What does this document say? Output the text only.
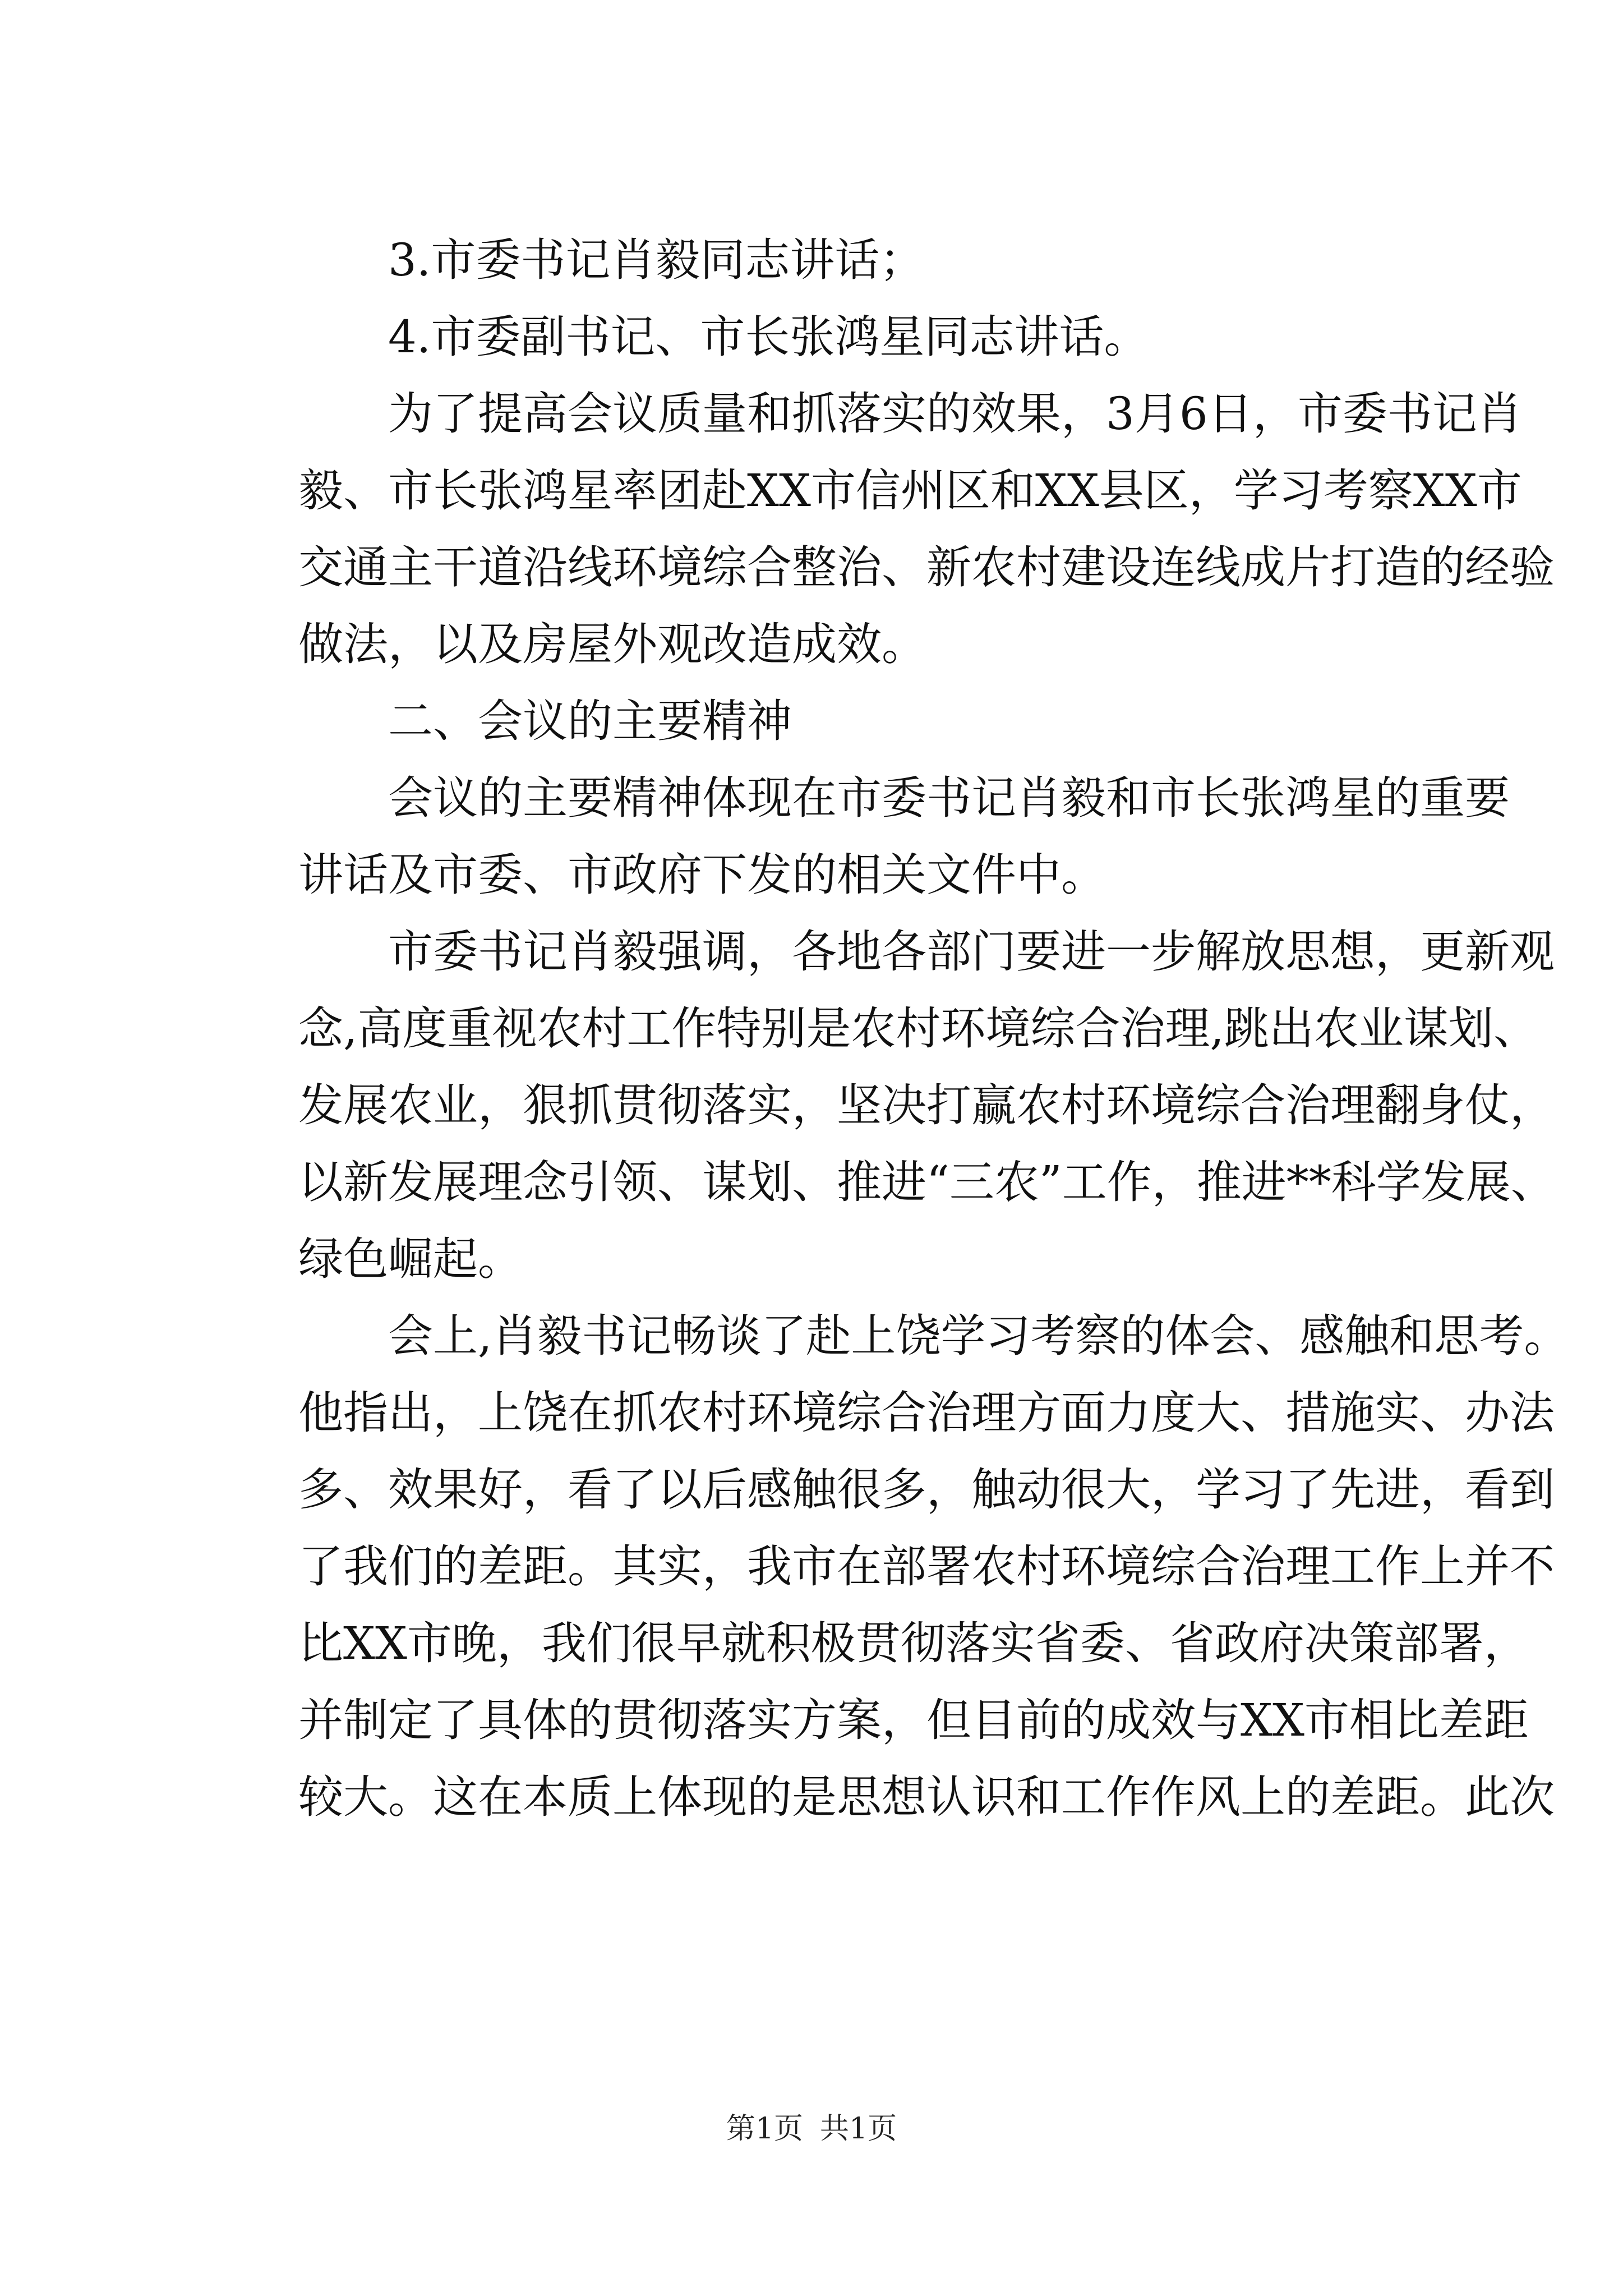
3.市委书记肖毅同志讲话；
4.市委副书记、市长张鸿星同志讲话。
为了提高会议质量和抓落实的效果，3月6日，市委书记肖
毅、市长张鸿星率团赴XX市信州区和XX县区，学习考察XX市
交通主干道沿线环境综合整治、新农村建设连线成片打造的经验
做法，以及房屋外观改造成效。
二、会议的主要精神
会议的主要精神体现在市委书记肖毅和市长张鸿星的重要
讲话及市委、市政府下发的相关文件中。
市委书记肖毅强调，各地各部门要进一步解放思想，更新观
念,高度重视农村工作特别是农村环境综合治理,跳出农业谋划、
发展农业，狠抓贯彻落实，坚决打赢农村环境综合治理翻身仗，
以新发展理念引领、谋划、推进“三农”工作，推进**科学发展、
绿色崛起。
会上,肖毅书记畅谈了赴上饶学习考察的体会、感触和思考。
他指出，上饶在抓农村环境综合治理方面力度大、措施实、办法
多、效果好，看了以后感触很多，触动很大，学习了先进，看到
了我们的差距。其实，我市在部署农村环境综合治理工作上并不
比XX市晚，我们很早就积极贯彻落实省委、省政府决策部署，
并制定了具体的贯彻落实方案，但目前的成效与XX市相比差距
较大。这在本质上体现的是思想认识和工作作风上的差距。此次
第1页 共1页
